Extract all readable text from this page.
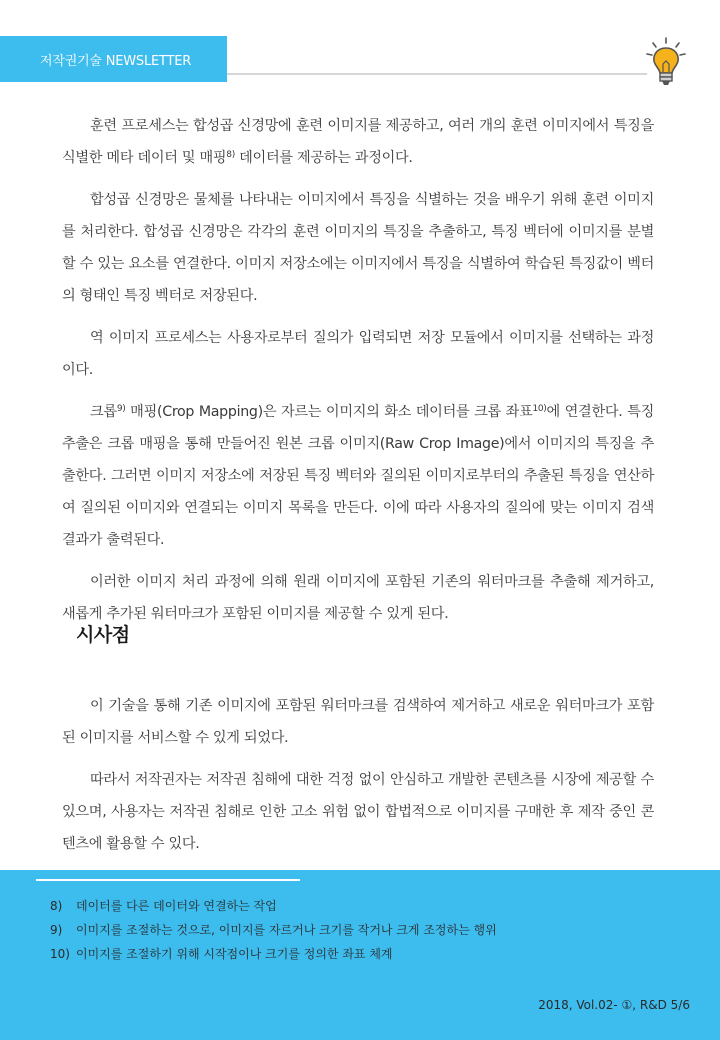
저작권기술 NEWSLETTER

훈련 프로세스는 합성곱 신경망에 훈련 이미지를 제공하고, 여러 개의 훈련 이미지에서 특징을 식별한 메타 데이터 및 매핑$^{8)}$ 데이터를 제공하는 과정이다.

합성곱 신경망은 물체를 나타내는 이미지에서 특징을 식별하는 것을 배우기 위해 훈련 이미지를 처리한다. 합성곱 신경망은 각각의 훈련 이미지의 특징을 추출하고, 특징 벡터에 이미지를 분별할 수 있는 요소를 연결한다. 이미지 저장소에는 이미지에서 특징을 식별하여 학습된 특징값이 벡터의 형태인 특징 벡터로 저장된다.

역 이미지 프로세스는 사용자로부터 질의가 입력되면 저장 모듈에서 이미지를 선택하는 과정이다.

크롭$^{9)}$ 매핑(Crop Mapping)은 자르는 이미지의 화소 데이터를 크롭 좌표$^{10)}$에 연결한다. 특징 추출은 크롭 매핑을 통해 만들어진 원본 크롭 이미지(Raw Crop Image)에서 이미지의 특징을 추출한다. 그러면 이미지 저장소에 저장된 특징 벡터와 질의된 이미지로부터의 추출된 특징을 연산하여 질의된 이미지와 연결되는 이미지 목록을 만든다. 이에 따라 사용자의 질의에 맞는 이미지 검색 결과가 출력된다.

이러한 이미지 처리 과정에 의해 원래 이미지에 포함된 기존의 워터마크를 추출해 제거하고, 새롭게 추가된 워터마크가 포함된 이미지를 제공할 수 있게 된다.

시사점

이 기술을 통해 기존 이미지에 포함된 워터마크를 검색하여 제거하고 새로운 워터마크가 포함된 이미지를 서비스할 수 있게 되었다.

따라서 저작권자는 저작권 침해에 대한 걱정 없이 안심하고 개발한 콘텐츠를 시장에 제공할 수 있으며, 사용자는 저작권 침해로 인한 고소 위험 없이 합법적으로 이미지를 구매한 후 제작 중인 콘텐츠에 활용할 수 있다.

8)	데이터를 다른 데이터와 연결하는 작업
9)	이미지를 조절하는 것으로, 이미지를 자르거나 크기를 작거나 크게 조정하는 행위
10) 이미지를 조절하기 위해 시작점이나 크기를 정의한 좌표 체계
2018, Vol.02- ①, R&D 5/6
